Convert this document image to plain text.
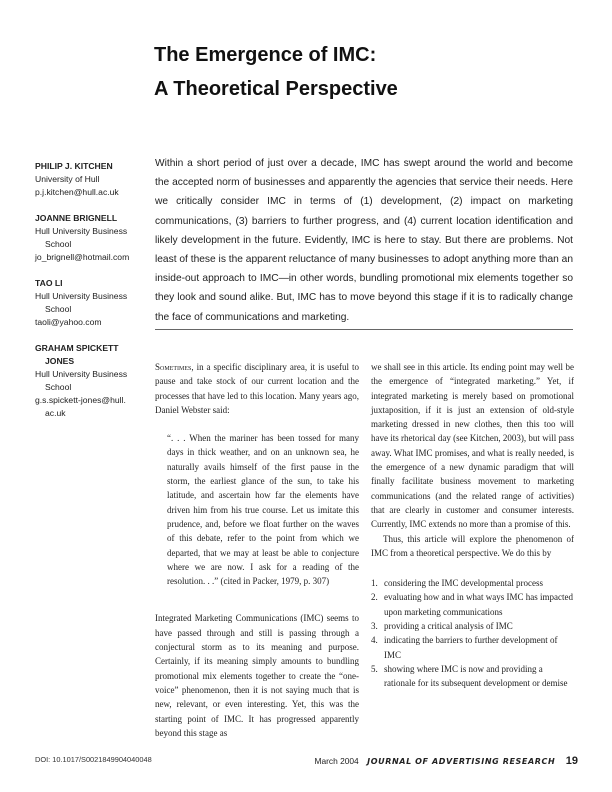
The Emergence of IMC:
A Theoretical Perspective
PHILIP J. KITCHEN
University of Hull
p.j.kitchen@hull.ac.uk
JOANNE BRIGNELL
Hull University Business
School
jo_brignell@hotmail.com
TAO LI
Hull University Business
School
taoli@yahoo.com
GRAHAM SPICKETT
JONES
Hull University Business
School
g.s.spickett-jones@hull.
ac.uk
Within a short period of just over a decade, IMC has swept around the world and become the accepted norm of businesses and apparently the agencies that service their needs. Here we critically consider IMC in terms of (1) development, (2) impact on marketing communications, (3) barriers to further progress, and (4) current location identification and likely development in the future. Evidently, IMC is here to stay. But there are problems. Not least of these is the apparent reluctance of many businesses to adopt anything more than an inside-out approach to IMC—in other words, bundling promotional mix elements together so they look and sound alike. But, IMC has to move beyond this stage if it is to radically change the face of communications and marketing.

Sometimes, in a specific disciplinary area, it is useful to pause and take stock of our current location and the processes that have led to this location. Many years ago, Daniel Webster said:

“. . . When the mariner has been tossed for many days in thick weather, and on an unknown sea, he naturally avails himself of the first pause in the storm, the earliest glance of the sun, to take his latitude, and ascertain how far the elements have driven him from his true course. Let us imitate this prudence, and, before we float further on the waves of this debate, refer to the point from which we departed, that we may at least be able to conjecture where we are now. I ask for a reading of the resolution. . .” (cited in Packer, 1979, p. 307)

Integrated Marketing Communications (IMC) seems to have passed through and still is passing through a conjectural storm as to its meaning and purpose. Certainly, if its meaning simply amounts to bundling promotional mix elements together to create the “one-voice” phenomenon, then it is not saying much that is new, relevant, or even interesting. Yet, this was the starting point of IMC. It has progressed apparently beyond this stage as

we shall see in this article. Its ending point may well be the emergence of “integrated marketing.” Yet, if integrated marketing is merely based on promotional juxtaposition, if it is just an extension of old-style marketing dressed in new clothes, then this too will have its rhetorical day (see Kitchen, 2003), but will pass away. What IMC promises, and what is really needed, is the emergence of a new dynamic paradigm that will finally facilitate business movement to marketing communications (and the related range of activities) that are clearly in customer and consumer interests. Currently, IMC extends no more than a promise of this.

Thus, this article will explore the phenomenon of IMC from a theoretical perspective. We do this by

1. considering the IMC developmental process
2. evaluating how and in what ways IMC has impacted upon marketing communications
3. providing a critical analysis of IMC
4. indicating the barriers to further development of IMC
5. showing where IMC is now and providing a rationale for its subsequent development or demise
DOI: 10.1017/S0021849904040048	March 2004 JOURNAL OF ADVERTISING RESEARCH 19
